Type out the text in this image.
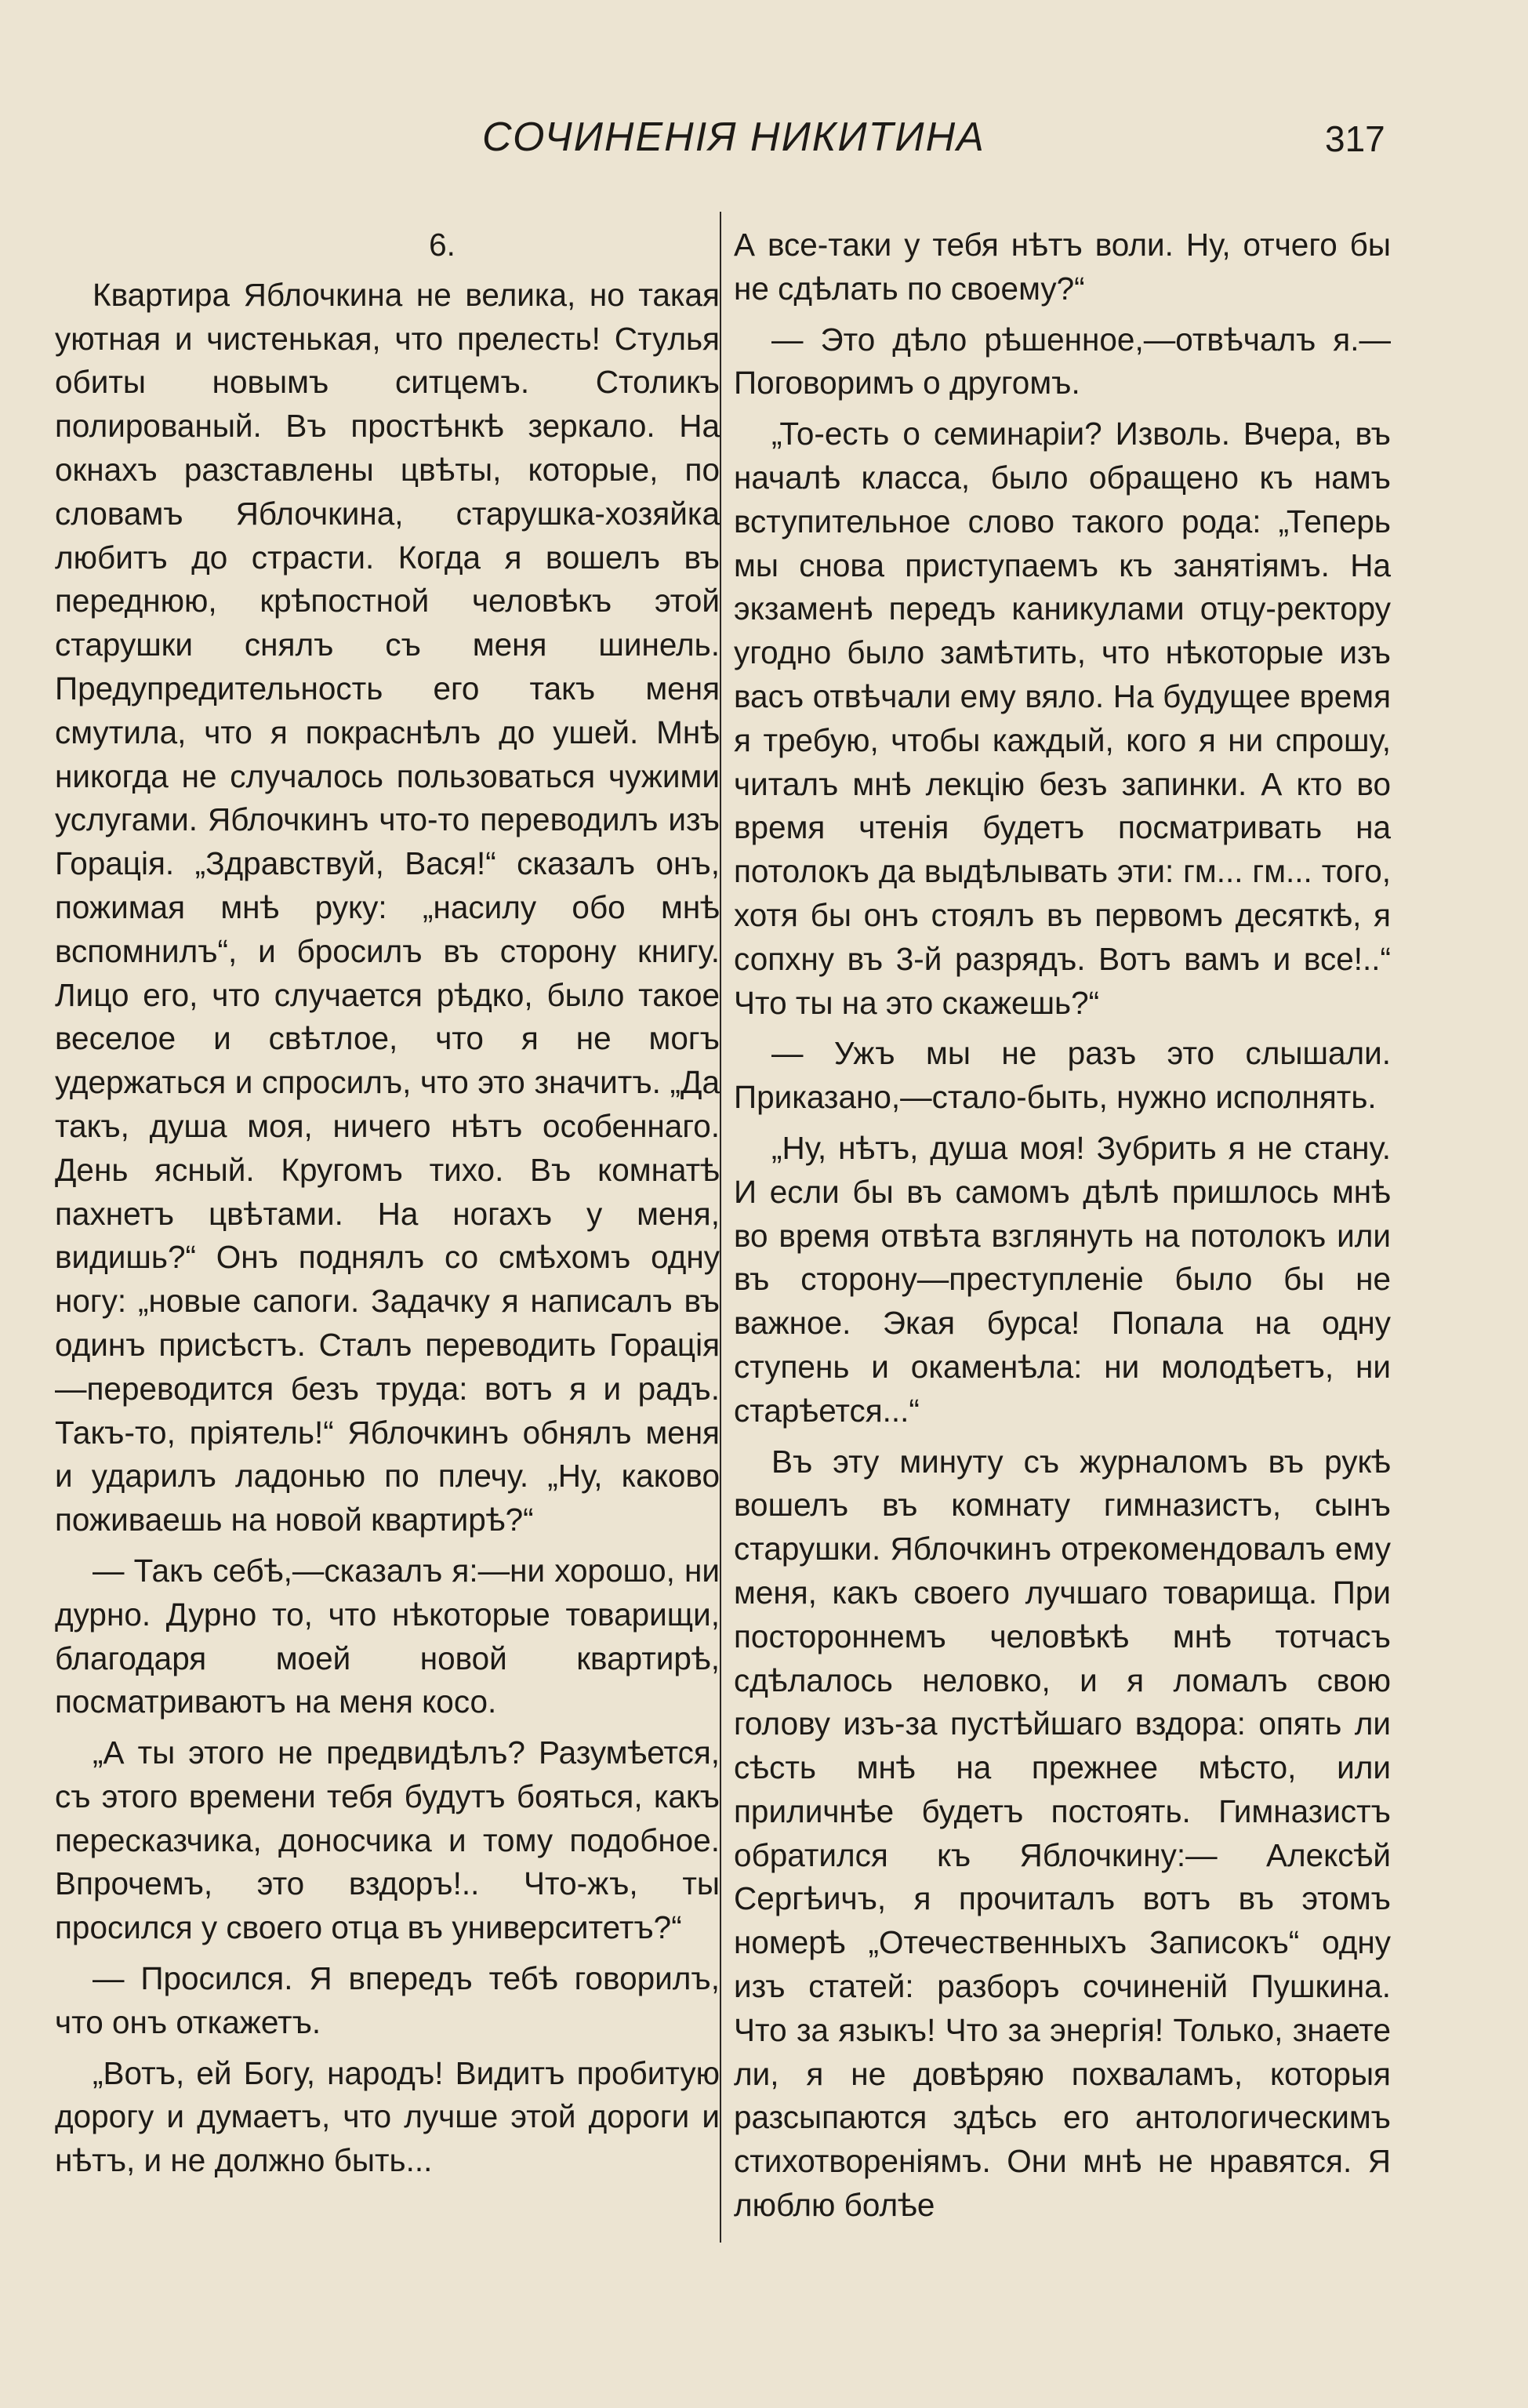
СОЧИНЕНІЯ НИКИТИНА	317
6.

Квартира Яблочкина не велика, но такая уютная и чистенькая, что прелесть! Стулья обиты новымъ ситцемъ. Столикъ полированый. Въ простѣнкѣ зеркало. На окнахъ разставлены цвѣты, которые, по словамъ Яблочкина, старушка-хозяйка любитъ до страсти. Когда я вошелъ въ переднюю, крѣпостной человѣкъ этой старушки снялъ съ меня шинель. Предупредительность его такъ меня смутила, что я покраснѣлъ до ушей. Мнѣ никогда не случалось пользоваться чужими услугами. Яблочкинъ что-то переводилъ изъ Горація. „Здравствуй, Вася!“ сказалъ онъ, пожимая мнѣ руку: „насилу обо мнѣ вспомнилъ“, и бросилъ въ сторону книгу. Лицо его, что случается рѣдко, было такое веселое и свѣтлое, что я не могъ удержаться и спросилъ, что это значитъ. „Да такъ, душа моя, ничего нѣтъ особеннаго. День ясный. Кругомъ тихо. Въ комнатѣ пахнетъ цвѣтами. На ногахъ у меня, видишь?“ Онъ поднялъ со смѣхомъ одну ногу: „новые сапоги. Задачку я написалъ въ одинъ присѣстъ. Сталъ переводить Горація—переводится безъ труда: вотъ я и радъ. Такъ-то, пріятель!“ Яблочкинъ обнялъ меня и ударилъ ладонью по плечу. „Ну, каково поживаешь на новой квартирѣ?“

— Такъ себѣ,—сказалъ я:—ни хорошо, ни дурно. Дурно то, что нѣкоторые товарищи, благодаря моей новой квартирѣ, посматриваютъ на меня косо.

„А ты этого не предвидѣлъ? Разумѣется, съ этого времени тебя будутъ бояться, какъ пересказчика, доносчика и тому подобное. Впрочемъ, это вздоръ!.. Что-жъ, ты просился у своего отца въ университетъ?“

— Просился. Я впередъ тебѣ говорилъ, что онъ откажетъ.

„Вотъ, ей Богу, народъ! Видитъ пробитую дорогу и думаетъ, что лучше этой дороги и нѣтъ, и не должно быть...

А все-таки у тебя нѣтъ воли. Ну, отчего бы не сдѣлать по своему?“

— Это дѣло рѣшенное,—отвѣчалъ я.— Поговоримъ о другомъ.

„То-есть о семинаріи? Изволь. Вчера, въ началѣ класса, было обращено къ намъ вступительное слово такого рода: „Теперь мы снова приступаемъ къ занятіямъ. На экзаменѣ передъ каникулами отцу-ректору угодно было замѣтить, что нѣкоторые изъ васъ отвѣчали ему вяло. На будущее время я требую, чтобы каждый, кого я ни спрошу, читалъ мнѣ лекцію безъ запинки. А кто во время чтенія будетъ посматривать на потолокъ да выдѣлывать эти: гм... гм... того, хотя бы онъ стоялъ въ первомъ десяткѣ, я сопхну въ 3-й разрядъ. Вотъ вамъ и все!..“ Что ты на это скажешь?“

— Ужъ мы не разъ это слышали. Приказано,—стало-быть, нужно исполнять.

„Ну, нѣтъ, душа моя! Зубрить я не стану. И если бы въ самомъ дѣлѣ пришлось мнѣ во время отвѣта взглянуть на потолокъ или въ сторону—преступленіе было бы не важное. Экая бурса! Попала на одну ступень и окаменѣла: ни молодѣетъ, ни старѣется...“

Въ эту минуту съ журналомъ въ рукѣ вошелъ въ комнату гимназистъ, сынъ старушки. Яблочкинъ отрекомендовалъ ему меня, какъ своего лучшаго товарища. При постороннемъ человѣкѣ мнѣ тотчасъ сдѣлалось неловко, и я ломалъ свою голову изъ-за пустѣйшаго вздора: опять ли сѣсть мнѣ на прежнее мѣсто, или приличнѣе будетъ постоять. Гимназистъ обратился къ Яблочкину:— Алексѣй Сергѣичъ, я прочиталъ вотъ въ этомъ номерѣ „Отечественныхъ Записокъ“ одну изъ статей: разборъ сочиненій Пушкина. Что за языкъ! Что за энергія! Только, знаете ли, я не довѣряю похваламъ, которыя разсыпаются здѣсь его антологическимъ стихотвореніямъ. Они мнѣ не нравятся. Я люблю болѣе
